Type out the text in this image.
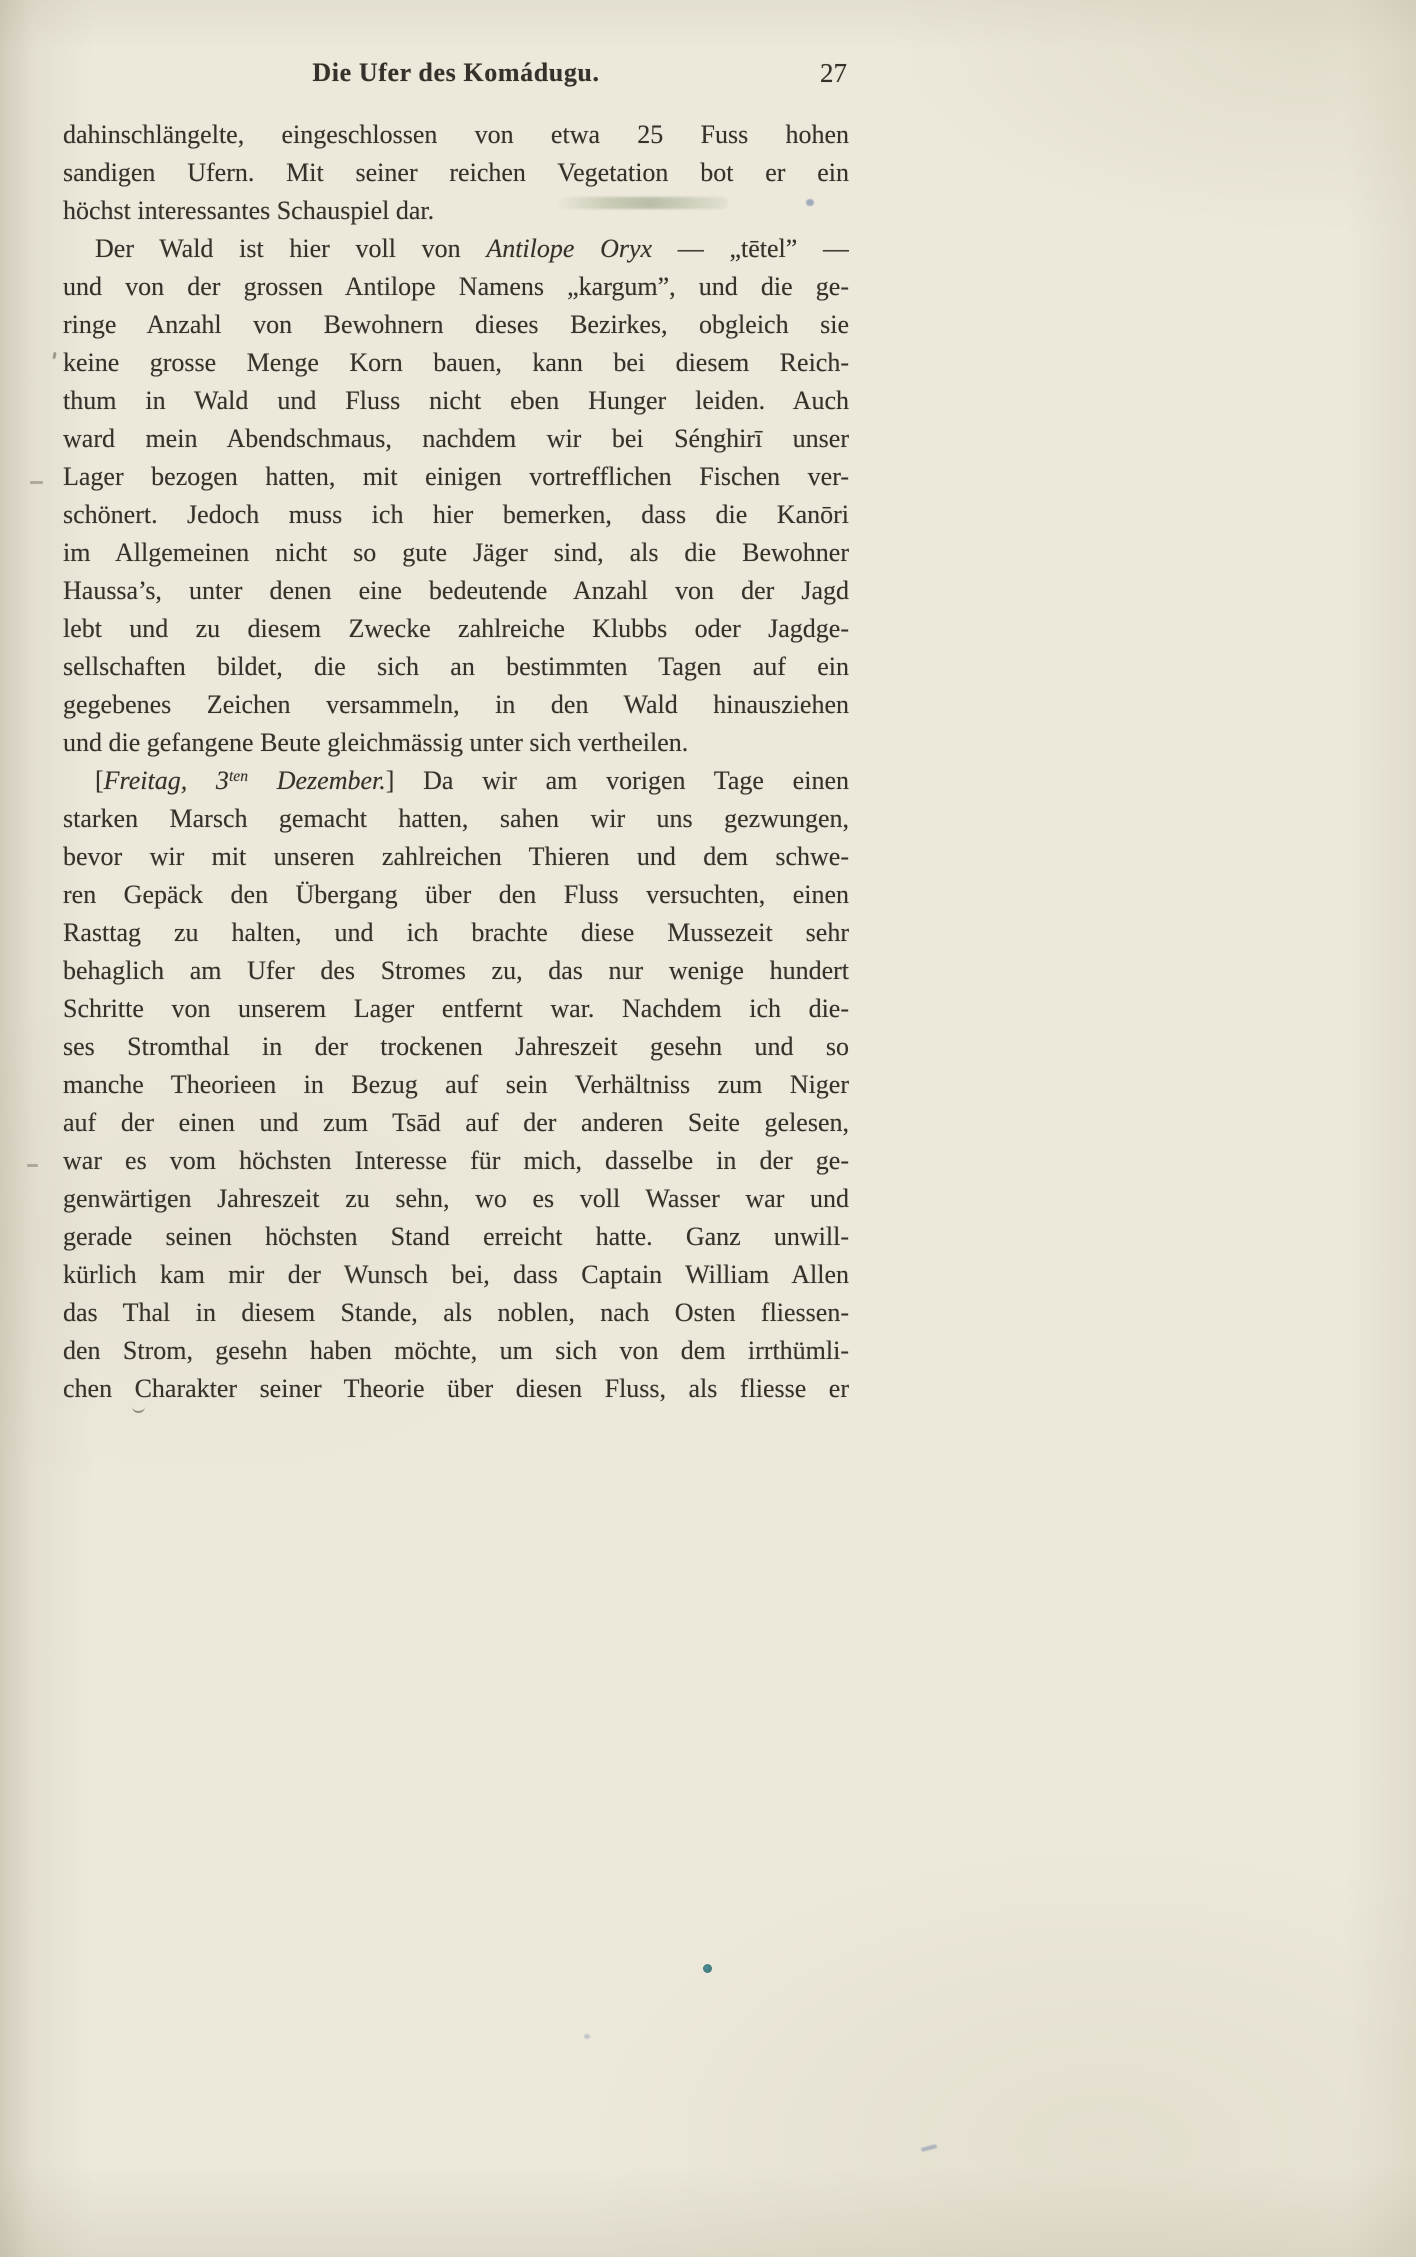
Die Ufer des Komádugu.	27
dahinschlängelte, eingeschlossen von etwa 25 Fuss hohen
sandigen Ufern. Mit seiner reichen Vegetation bot er ein
höchst interessantes Schauspiel dar.
Der Wald ist hier voll von Antilope Oryx — „tētel” —
und von der grossen Antilope Namens „kargum”, und die ge-
ringe Anzahl von Bewohnern dieses Bezirkes, obgleich sie
keine grosse Menge Korn bauen, kann bei diesem Reich-
thum in Wald und Fluss nicht eben Hunger leiden. Auch
ward mein Abendschmaus, nachdem wir bei Sénghirī unser
Lager bezogen hatten, mit einigen vortrefflichen Fischen ver-
schönert. Jedoch muss ich hier bemerken, dass die Kanōri
im Allgemeinen nicht so gute Jäger sind, als die Bewohner
Haussa’s, unter denen eine bedeutende Anzahl von der Jagd
lebt und zu diesem Zwecke zahlreiche Klubbs oder Jagdge-
sellschaften bildet, die sich an bestimmten Tagen auf ein
gegebenes Zeichen versammeln, in den Wald hinausziehen
und die gefangene Beute gleichmässig unter sich vertheilen.
[Freitag, $3^{ten}$ Dezember.] Da wir am vorigen Tage einen
starken Marsch gemacht hatten, sahen wir uns gezwungen,
bevor wir mit unseren zahlreichen Thieren und dem schwe-
ren Gepäck den Übergang über den Fluss versuchten, einen
Rasttag zu halten, und ich brachte diese Mussezeit sehr
behaglich am Ufer des Stromes zu, das nur wenige hundert
Schritte von unserem Lager entfernt war. Nachdem ich die-
ses Stromthal in der trockenen Jahreszeit gesehn und so
manche Theorieen in Bezug auf sein Verhältniss zum Niger
auf der einen und zum Tsād auf der anderen Seite gelesen,
war es vom höchsten Interesse für mich, dasselbe in der ge-
genwärtigen Jahreszeit zu sehn, wo es voll Wasser war und
gerade seinen höchsten Stand erreicht hatte. Ganz unwill-
kürlich kam mir der Wunsch bei, dass Captain William Allen
das Thal in diesem Stande, als noblen, nach Osten fliessen-
den Strom, gesehn haben möchte, um sich von dem irrthümli-
chen Charakter seiner Theorie über diesen Fluss, als fliesse er
